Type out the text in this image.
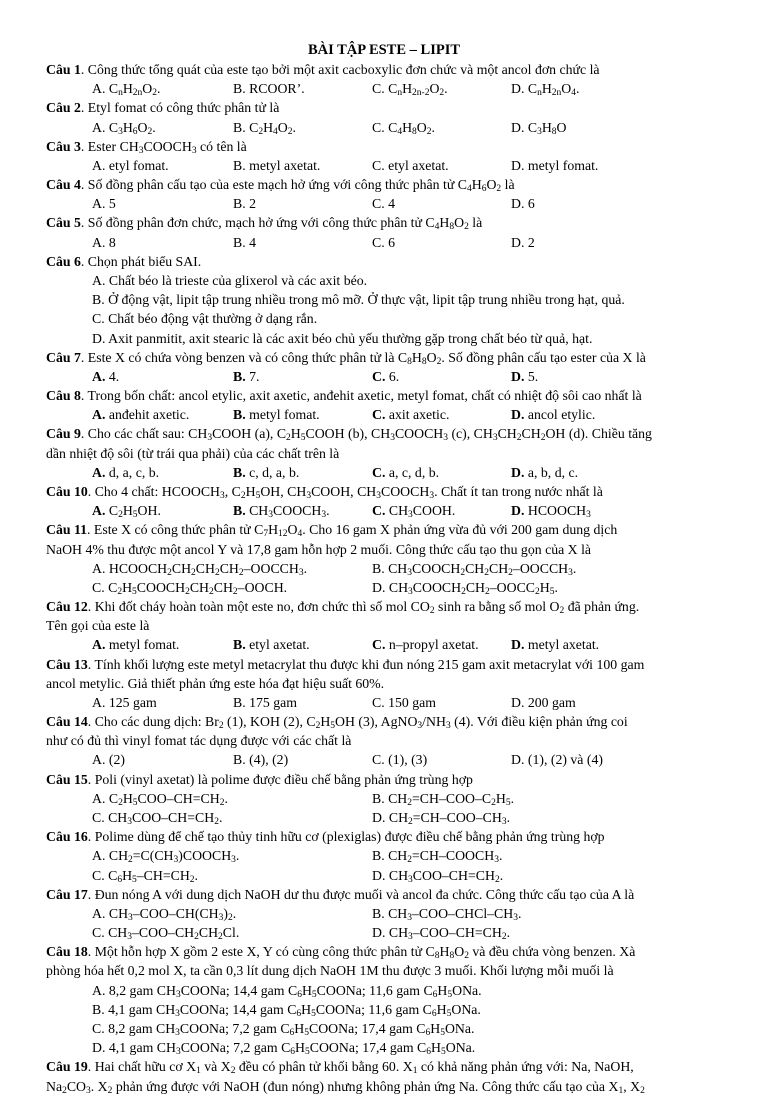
BÀI TẬP ESTE – LIPIT
Câu 1. Công thức tổng quát của este tạo bởi một axit cacboxylic đơn chức và một ancol đơn chức là
A. $C_nH_{2n}O_2$.	B. RCOOR’.	C. $C_nH_{2n-2}O_2$.	D. $C_nH_{2n}O_4$.
Câu 2. Etyl fomat có công thức phân tử là
A. $C_3H_6O_2$.	B. $C_2H_4O_2$.	C. $C_4H_8O_2$.	D. $C_3H_8O$
Câu 3. Ester $CH_3COOCH_3$ có tên là
A. etyl fomat.	B. metyl axetat.	C. etyl axetat.	D. metyl fomat.
Câu 4. Số đồng phân cấu tạo của este mạch hở ứng với công thức phân tử $C_4H_6O_2$ là
A. 5	B. 2	C. 4	D. 6
Câu 5. Số đồng phân đơn chức, mạch hở ứng với công thức phân tử $C_4H_8O_2$ là
A. 8	B. 4	C. 6	D. 2
Câu 6. Chọn phát biểu SAI.
A. Chất béo là trieste của glixerol và các axit béo.
B. Ở động vật, lipit tập trung nhiều trong mô mỡ. Ở thực vật, lipit tập trung nhiều trong hạt, quả.
C. Chất béo động vật thường ở dạng rắn.
D. Axit panmitit, axit stearic là các axit béo chủ yếu thường gặp trong chất béo từ quả, hạt.
Câu 7. Este X có chứa vòng benzen và có công thức phân tử là $C_8H_8O_2$. Số đồng phân cấu tạo ester của X là
A. 4.	B. 7.	C. 6.	D. 5.
Câu 8. Trong bốn chất: ancol etylic, axit axetic, anđehit axetic, metyl fomat, chất có nhiệt độ sôi cao nhất là
A. anđehit axetic.	B. metyl fomat.	C. axit axetic.	D. ancol etylic.
Câu 9. Cho các chất sau: $CH_3COOH$ (a), $C_2H_5COOH$ (b), $CH_3COOCH_3$ (c), $CH_3CH_2CH_2OH$ (d). Chiều tăng
dần nhiệt độ sôi (từ trái qua phải) của các chất trên là
A. d, a, c, b.	B. c, d, a, b.	C. a, c, d, b.	D. a, b, d, c.
Câu 10. Cho 4 chất: $HCOOCH_3$, $C_2H_5OH$, $CH_3COOH$, $CH_3COOCH_3$. Chất ít tan trong nước nhất là
A. $C_2H_5OH$.	B. $CH_3COOCH_3$.	C. $CH_3COOH$.	D. $HCOOCH_3$
Câu 11. Este X có công thức phân tử $C_7H_{12}O_4$. Cho 16 gam X phản ứng vừa đủ với 200 gam dung dịch
NaOH 4% thu được một ancol Y và 17,8 gam hỗn hợp 2 muối. Công thức cấu tạo thu gọn của X là
A. $HCOOCH_2CH_2CH_2CH_2-OOCCH_3$.	B. $CH_3COOCH_2CH_2CH_2-OOCCH_3$.
C. $C_2H_5COOCH_2CH_2CH_2$–OOCH.	D. $CH_3COOCH_2CH_2-OOCC_2H_5$.
Câu 12. Khi đốt cháy hoàn toàn một este no, đơn chức thì số mol $CO_2$ sinh ra bằng số mol $O_2$ đã phản ứng.
Tên gọi của este là
A. metyl fomat.	B. etyl axetat.	C. n–propyl axetat. D. metyl axetat.
Câu 13. Tính khối lượng este metyl metacrylat thu được khi đun nóng 215 gam axit metacrylat với 100 gam
ancol metylic. Giả thiết phản ứng este hóa đạt hiệu suất 60%.
A. 125 gam	B. 175 gam	C. 150 gam	D. 200 gam
Câu 14. Cho các dung dịch: $Br_2$ (1), KOH (2), $C_2H_5OH$ (3), $AgNO_3/NH_3$ (4). Với điều kiện phản ứng coi
như có đủ thì vinyl fomat tác dụng được với các chất là
A. (2)	B. (4), (2)	C. (1), (3)	D. (1), (2) và (4)
Câu 15. Poli (vinyl axetat) là polime được điều chế bằng phản ứng trùng hợp
A. $C_2H_5COO-CH=CH_2$.	B. $CH_2=CH-COO-C_2H_5$.
C. $CH_3COO-CH=CH_2$.	D. $CH_2=CH-COO-CH_3$.
Câu 16. Polime dùng để chế tạo thủy tinh hữu cơ (plexiglas) được điều chế bằng phản ứng trùng hợp
A. $CH_2=C(CH_3)COOCH_3$.	B. $CH_2=CH-COOCH_3$.
C. $C_6H_5-CH=CH_2$.	D. $CH_3COO-CH=CH_2$.
Câu 17. Đun nóng A với dung dịch NaOH dư thu được muối và ancol đa chức. Công thức cấu tạo của A là
A. $CH_3-COO-CH(CH_3)_2$.	B. $CH_3-COO-CHCl-CH_3$.
C. $CH_3-COO-CH_2CH_2Cl$.	D. $CH_3-COO-CH=CH_2$.
Câu 18. Một hỗn hợp X gồm 2 este X, Y có cùng công thức phân tử $C_8H_8O_2$ và đều chứa vòng benzen. Xà
phòng hóa hết 0,2 mol X, ta cần 0,3 lít dung dịch NaOH 1M thu được 3 muối. Khối lượng mỗi muối là
A. 8,2 gam $CH_3COONa$; 14,4 gam $C_6H_5COONa$; 11,6 gam $C_6H_5ONa$.
B. 4,1 gam $CH_3COONa$; 14,4 gam $C_6H_5COONa$; 11,6 gam $C_6H_5ONa$.
C. 8,2 gam $CH_3COONa$; 7,2 gam $C_6H_5COONa$; 17,4 gam $C_6H_5ONa$.
D. 4,1 gam $CH_3COONa$; 7,2 gam $C_6H_5COONa$; 17,4 gam $C_6H_5ONa$.
Câu 19. Hai chất hữu cơ $X_1$ và $X_2$ đều có phân tử khối bằng 60. $X_1$ có khả năng phản ứng với: Na, NaOH,
$Na_2CO_3$. $X_2$ phản ứng được với NaOH (đun nóng) nhưng không phản ứng Na. Công thức cấu tạo của $X_1$, $X_2$
